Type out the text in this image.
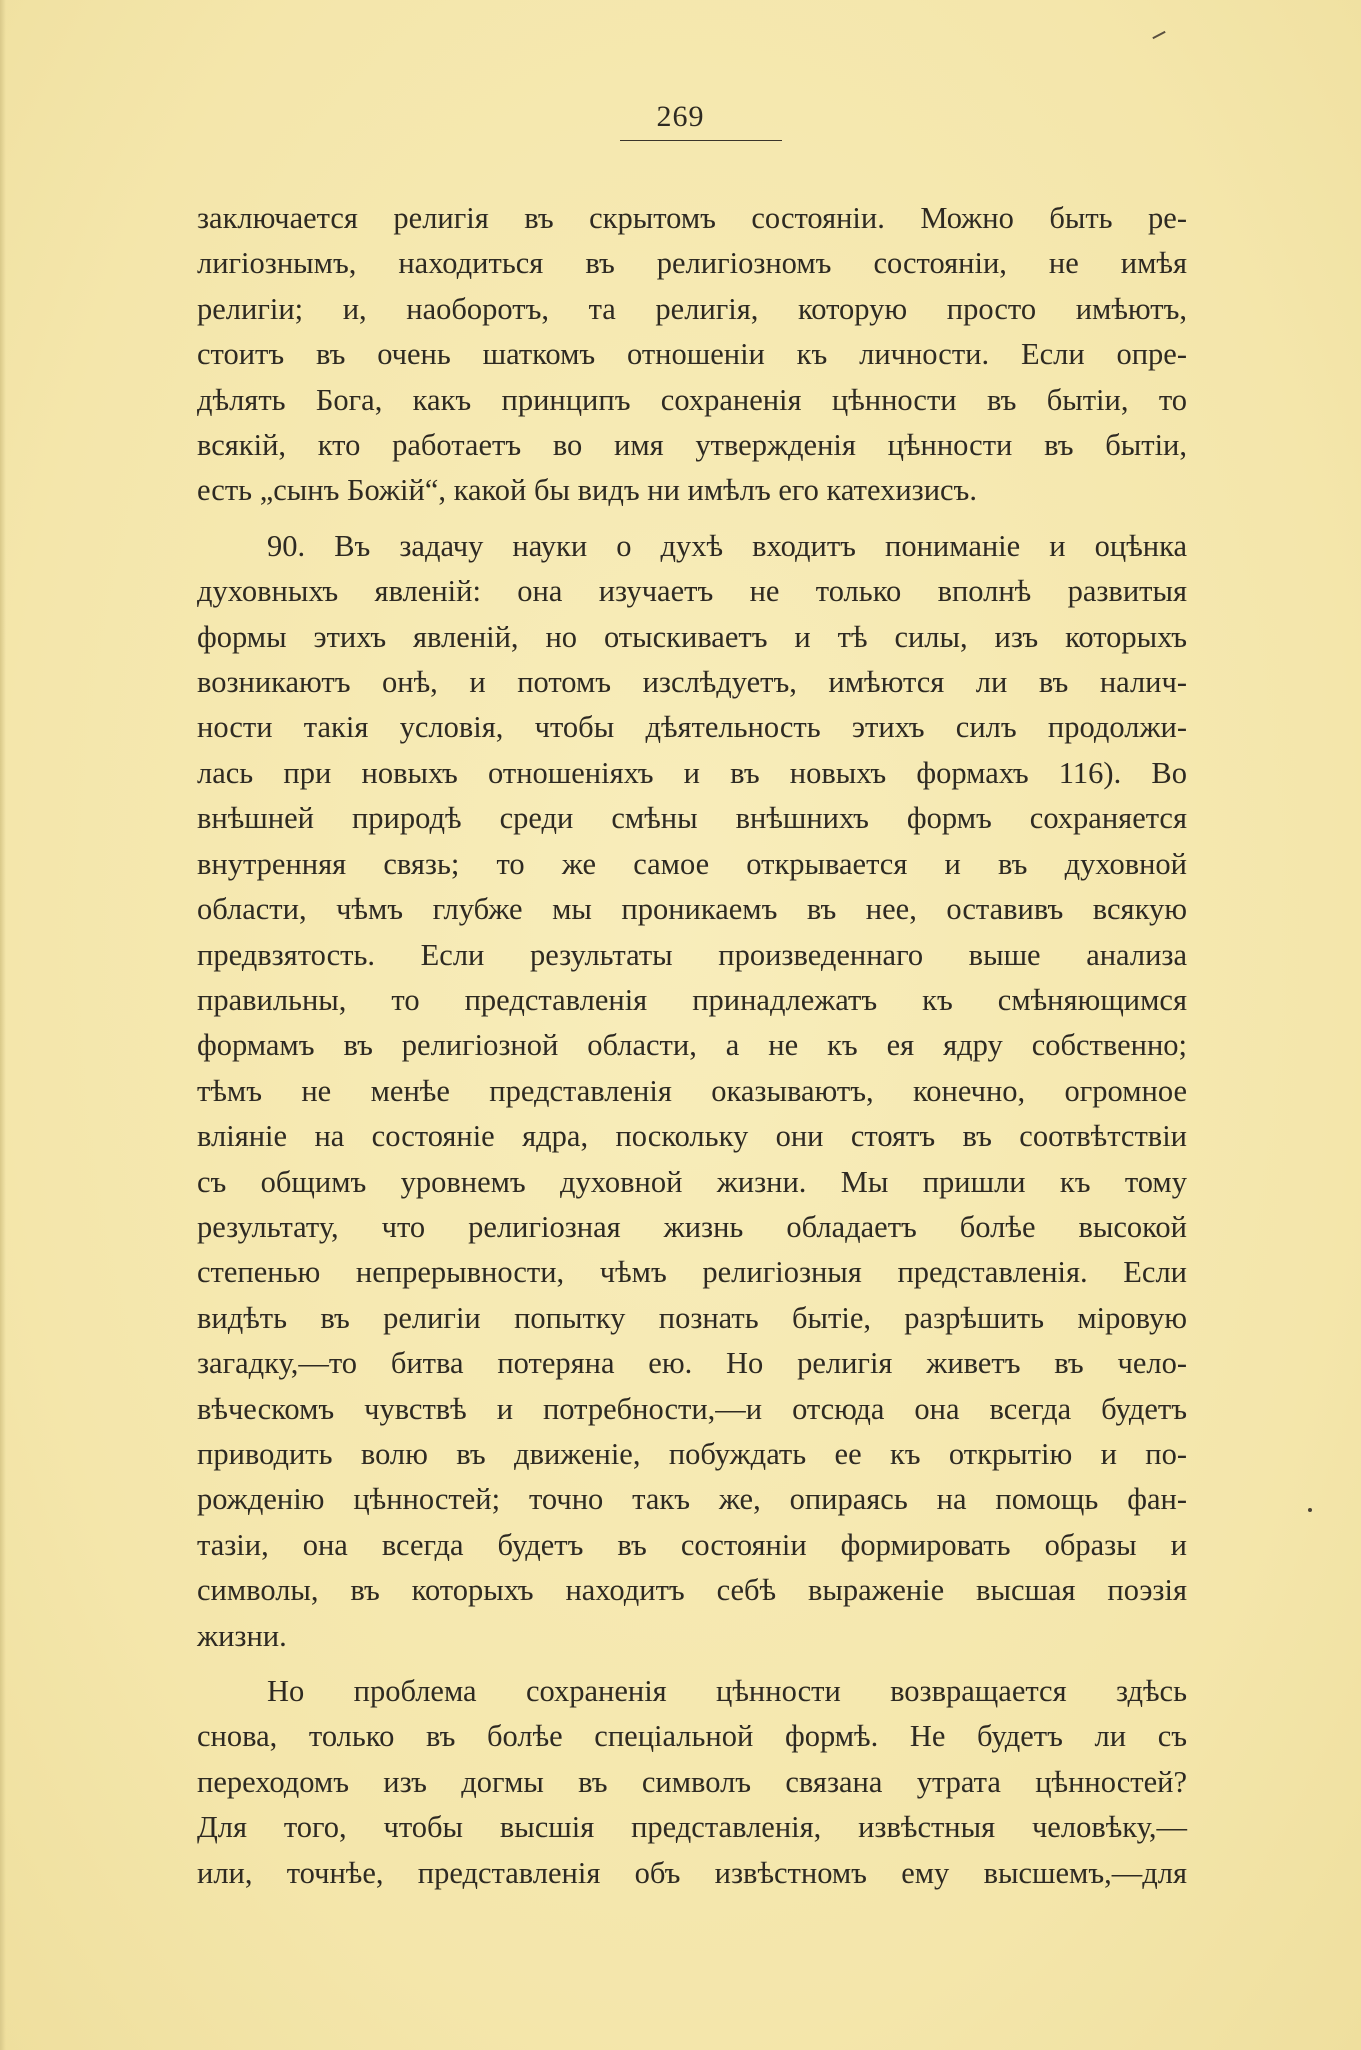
269
заключается религія въ скрытомъ состояніи. Можно быть ре-
лигіознымъ, находиться въ религіозномъ состояніи, не имѣя
религіи; и, наоборотъ, та религія, которую просто имѣютъ,
стоитъ въ очень шаткомъ отношеніи къ личности. Если опре-
дѣлять Бога, какъ принципъ сохраненія цѣнности въ бытіи, то
всякій, кто работаетъ во имя утвержденія цѣнности въ бытіи,
есть „сынъ Божій“, какой бы видъ ни имѣлъ его катехизисъ.
90. Въ задачу науки о духѣ входитъ пониманіе и оцѣнка
духовныхъ явленій: она изучаетъ не только вполнѣ развитыя
формы этихъ явленій, но отыскиваетъ и тѣ силы, изъ которыхъ
возникаютъ онѣ, и потомъ изслѣдуетъ, имѣются ли въ налич-
ности такія условія, чтобы дѣятельность этихъ силъ продолжи-
лась при новыхъ отношеніяхъ и въ новыхъ формахъ 116). Во
внѣшней природѣ среди смѣны внѣшнихъ формъ сохраняется
внутренняя связь; то же самое открывается и въ духовной
области, чѣмъ глубже мы проникаемъ въ нее, оставивъ всякую
предвзятость. Если результаты произведеннаго выше анализа
правильны, то представленія принадлежатъ къ смѣняющимся
формамъ въ религіозной области, а не къ ея ядру собственно;
тѣмъ не менѣе представленія оказываютъ, конечно, огромное
вліяніе на состояніе ядра, поскольку они стоятъ въ соотвѣтствіи
съ общимъ уровнемъ духовной жизни. Мы пришли къ тому
результату, что религіозная жизнь обладаетъ болѣе высокой
степенью непрерывности, чѣмъ религіозныя представленія. Если
видѣть въ религіи попытку познать бытіе, разрѣшить міровую
загадку,—то битва потеряна ею. Но религія живетъ въ чело-
вѣческомъ чувствѣ и потребности,—и отсюда она всегда будетъ
приводить волю въ движеніе, побуждать ее къ открытію и по-
рожденію цѣнностей; точно такъ же, опираясь на помощь фан-
тазіи, она всегда будетъ въ состояніи формировать образы и
символы, въ которыхъ находитъ себѣ выраженіе высшая поэзія
жизни.
Но проблема сохраненія цѣнности возвращается здѣсь
снова, только въ болѣе спеціальной формѣ. Не будетъ ли съ
переходомъ изъ догмы въ символъ связана утрата цѣнностей?
Для того, чтобы высшія представленія, извѣстныя человѣку,—
или, точнѣе, представленія объ извѣстномъ ему высшемъ,—для
